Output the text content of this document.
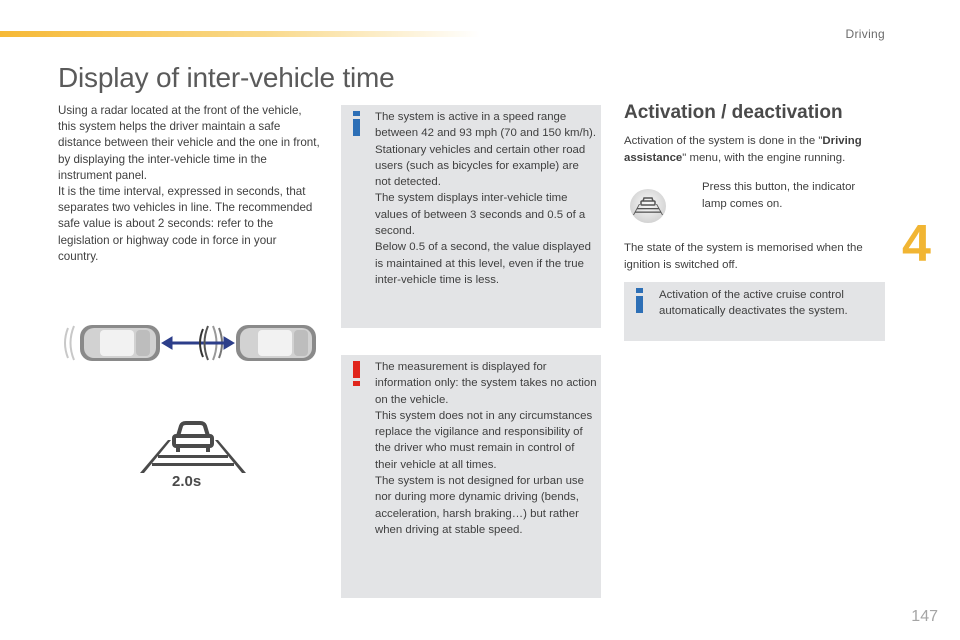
Driving
Display of inter-vehicle time

Using a radar located at the front of the vehicle, this system helps the driver maintain a safe distance between their vehicle and the one in front, by displaying the inter-vehicle time in the instrument panel.

It is the time interval, expressed in seconds, that separates two vehicles in line. The recommended safe value is about 2 seconds: refer to the legislation or highway code in force in your country.

2.0s
The system is active in a speed range between 42 and 93 mph (70 and 150 km/h).
Stationary vehicles and certain other road users (such as bicycles for example) are not detected.
The system displays inter-vehicle time values of between 3 seconds and 0.5 of a second.
Below 0.5 of a second, the value displayed is maintained at this level, even if the true inter-vehicle time is less.
The measurement is displayed for information only: the system takes no action on the vehicle.
This system does not in any circumstances replace the vigilance and responsibility of the driver who must remain in control of their vehicle at all times.
The system is not designed for urban use nor during more dynamic driving (bends, acceleration, harsh braking…) but rather when driving at stable speed.
Activation / deactivation

Activation of the system is done in the "Driving assistance" menu, with the engine running.

Press this button, the indicator lamp comes on.

The state of the system is memorised when the ignition is switched off.

Activation of the active cruise control automatically deactivates the system.

4
147
